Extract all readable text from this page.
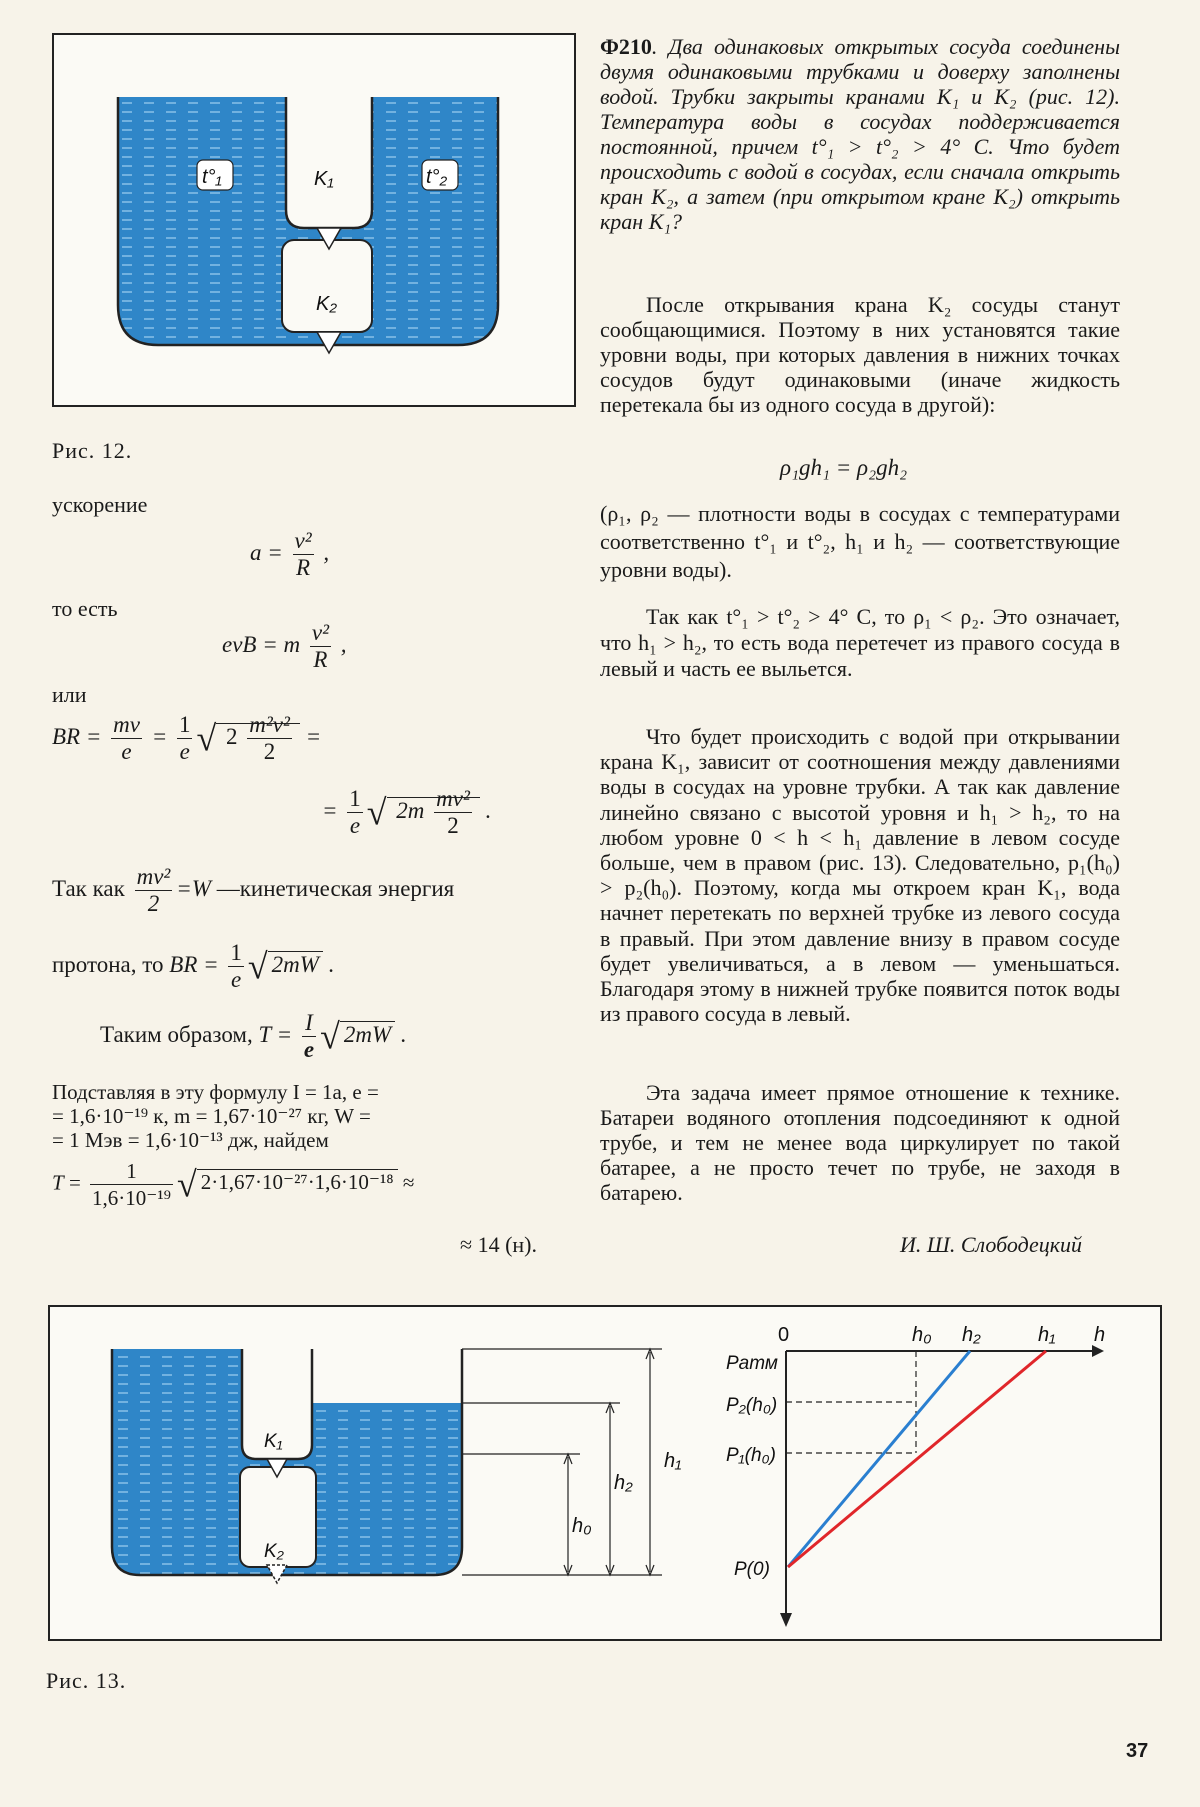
t°₁	t°₂
K₁
K₂
Рис. 12.
ускорение
$a = \frac{\text{v²}}{R}$ ,
то есть
evB = m $\frac{\text{v²}}{R}$ ,
или
BR = $\frac{mv}{e} = \frac{1}{e}$ √ $2 \frac{\text{m²v²}}{2}$ =
= $\frac{1}{e}$ √ $2m \frac{\text{mv²}}{2}$ .
Так как $\frac{\text{mv²}}{2} =W$ —кинетическая энергия
протона, то BR = $\frac{1}{e}$ √ 2mW .
Таким образом, $T = \frac{I}{e}$ √ 2mW .
Подставляя в эту формулу I = 1а, e =
= 1,6·10⁻¹⁹ к, m = 1,67·10⁻²⁷ кг, W =
= 1 Мэв = 1,6·10⁻¹³ дж, найдем
$T = \frac{1}{\text{1,6·10⁻¹⁹}}$ √ 2·1,67·10⁻²⁷·1,6·10⁻¹⁸ ≈
≈ 14 (н).
Ф210. Два одинаковых открытых сосуда соединены двумя одинаковыми трубками и доверху заполнены водой. Трубки закрыты кранами K₁ и K₂ (рис. 12). Температура воды в сосудах поддерживается постоянной, причем t°₁ > t°₂ > 4° C. Что будет происходить с водой в сосудах, если сначала открыть кран K₂, а затем (при открытом кране K₂) открыть кран K₁?

После открывания крана K₂ сосуды станут сообщающимися. Поэтому в них установятся такие уровни воды, при которых давления в нижних точках сосудов будут одинаковыми (иначе жидкость перетекала бы из одного сосуда в другой):

ρ₁gh₁ = ρ₂gh₂
(ρ₁, ρ₂ — плотности воды в сосудах с температурами соответственно t°₁ и t°₂, h₁ и h₂ — соответствующие уровни воды).

Так как t°₁ > t°₂ > 4° C, то ρ₁ < ρ₂. Это означает, что h₁ > h₂, то есть вода перетечет из правого сосуда в левый и часть ее выльется.

Что будет происходить с водой при открывании крана K₁, зависит от соотношения между давлениями воды в сосудах на уровне трубки. А так как давление линейно связано с высотой уровня и h₁ > h₂, то на любом уровне 0 < h < h₁ давление в левом сосуде больше, чем в правом (рис. 13). Следовательно, p₁(h₀) > p₂(h₀). Поэтому, когда мы откроем кран K₁, вода начнет перетекать по верхней трубке из левого сосуда в правый. При этом давление внизу в правом сосуде будет увеличиваться, а в левом — уменьшаться. Благодаря этому в нижней трубке появится поток воды из правого сосуда в левый.

Эта задача имеет прямое отношение к технике. Батареи водяного отопления подсоединяют к одной трубе, и тем не менее вода циркулирует по такой батарее, а не просто течет по трубе, не заходя в батарею.

И. Ш. Слободецкий
K₁
K₂
h₀
h₂
h₁
0	h
h₀ h₂	h₁
Pатм
P₂(h₀)
P₁(h₀)
P(0)
Рис. 13.
37
